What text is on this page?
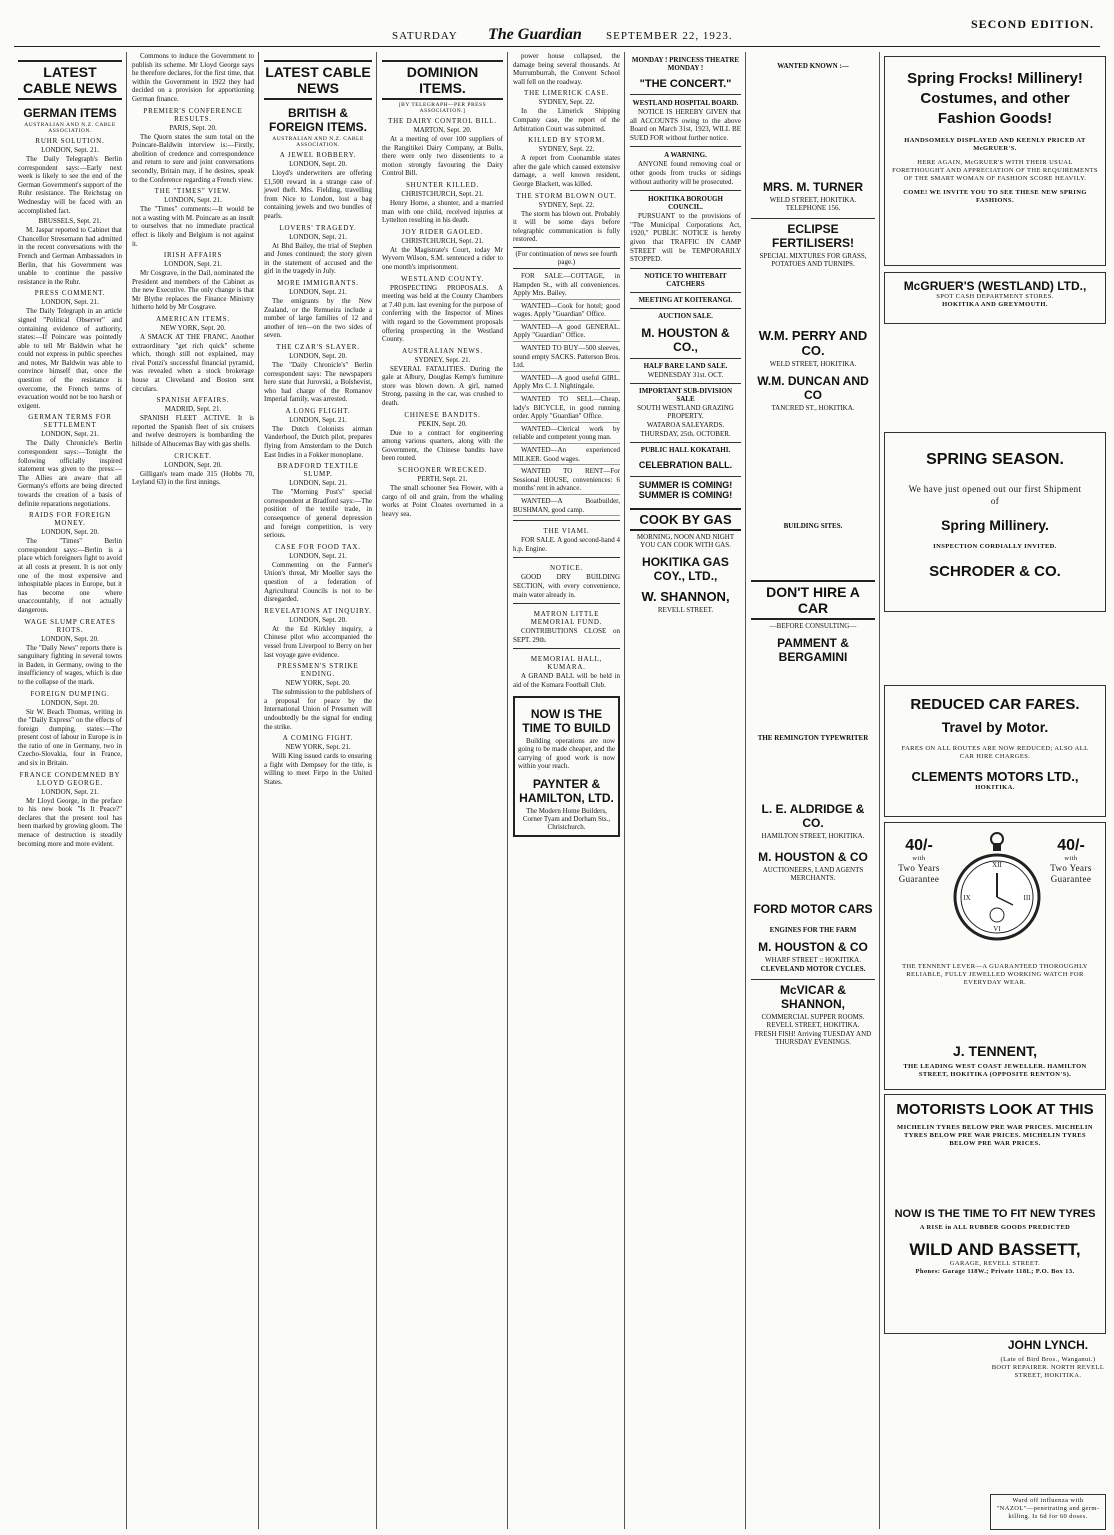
SATURDAY The Guardian SEPTEMBER 22, 1923.
SECOND EDITION.
LATEST CABLE NEWS
GERMAN ITEMS
AUSTRALIAN AND N.Z. CABLE ASSOCIATION.
RUHR SOLUTION.
LONDON, Sept. 21.

The Daily Telegraph's Berlin correspondent says:—Early next week is likely to see the end of the German Government's support of the Ruhr resistance. The Reichstag on Wednesday will be faced with an accomplished fact.

BRUSSELS, Sept. 21.

M. Jaspar reported to Cabinet that Chancellor Stresemann had admitted in the recent conversations with the French and German Ambassadors in Berlin, that his Government was unable to continue the passive resistance in the Ruhr.

PRESS COMMENT.
LONDON, Sept. 21.

The Daily Telegraph in an article signed "Political Observer" and containing evidence of authority, states:—If Poincare was pointedly able to tell Mr Baldwin what he could not express in public speeches and notes, Mr Baldwin was able to convince himself that, once the question of the resistance is overcome, the French terms of evacuation would not be too harsh or exigent.

GERMAN TERMS FOR SETTLEMENT
LONDON, Sept. 21.

The Daily Chronicle's Berlin correspondent says:—Tonight the following officially inspired statement was given to the press:—The Allies are aware that all Germany's efforts are being directed towards the creation of a basis of definite reparations negotiations.

RAIDS FOR FOREIGN MONEY.
LONDON, Sept. 20.

The "Times" Berlin correspondent says:—Berlin is a place which foreigners fight to avoid at all costs at present. It is not only one of the most expensive and inhospitable places in Europe, but it has become one where unaccountably, if not actually dangerous.

WAGE SLUMP CREATES RIOTS.
LONDON, Sept. 20.

The "Daily News" reports there is sanguinary fighting in several towns in Baden, in Germany, owing to the insufficiency of wages, which is due to the collapse of the mark.

FOREIGN DUMPING.
LONDON, Sept. 20.

Sir W. Beach Thomas, writing in the "Daily Express" on the effects of foreign dumping, states:—The present cost of labour in Europe is in the ratio of one in Germany, two in Czecho-Slovakia, four in France, and six in Britain.

FRANCE CONDEMNED BY LLOYD GEORGE.
LONDON, Sept. 21.

Mr Lloyd George, in the preface to his new book "Is It Peace?" declares that the present tool has been marked by growing gloom. The menace of destruction is steadily becoming more and more evident.

Commons to induce the Government to publish its scheme. Mr Lloyd George says he therefore declares, for the first time, that within the Government in 1922 they had decided on a provision for apportioning German finance.

PREMIER'S CONFERENCE RESULTS.
PARIS, Sept. 20.

The Quorn states the sum total on the Poincare-Baldwin interview is:—Firstly, abolition of credence and correspondence and return to sure and joint conversations secondly, Britain may, if he desires, speak to the Conference regarding a French view.

THE "TIMES" VIEW.
LONDON, Sept. 21.

The "Times" comments:—It would be not a wasting with M. Poincare as an insult to ourselves that no immediate practical effect is likely and Belgium is not against it.

IRISH AFFAIRS
LONDON, Sept. 21.

Mr Cosgrave, in the Dail, nominated the President and members of the Cabinet as the new Executive. The only change is that Mr Blythe replaces the Finance Ministry hitherto held by Mr Cosgrave.

AMERICAN ITEMS.
NEW YORK, Sept. 20.

A SMACK AT THE FRANC. Another extraordinary "get rich quick" scheme which, though still not explained, may rival Ponzi's successful financial pyramid, was revealed when a stock brokerage house at Cleveland and Boston sent circulars.

SPANISH AFFAIRS.
MADRID, Sept. 21.

SPANISH FLEET ACTIVE. It is reported the Spanish fleet of six cruisers and twelve destroyers is bombarding the hillside of Alhucemas Bay with gas shells.

CRICKET.
LONDON, Sept. 20.

Gilligan's team made 315 (Hobbs 70, Leyland 63) in the first innings.

LATEST CABLE NEWS
BRITISH & FOREIGN ITEMS.
AUSTRALIAN AND N.Z. CABLE ASSOCIATION.
A JEWEL ROBBERY.
LONDON, Sept. 20.

Lloyd's underwriters are offering £1,500 reward in a strange case of jewel theft. Mrs. Fielding, travelling from Nice to London, lost a bag containing jewels and two bundles of pearls.

LOVERS' TRAGEDY.
LONDON, Sept. 21.

At Bhd Bailey, the trial of Stephen and Jones continued; the story given in the statement of accused and the girl in the tragedy in July.

MORE IMMIGRANTS.
LONDON, Sept. 21.

The emigrants by the New Zealand, or the Remueira include a number of large families of 12 and another of ten—on the two sides of seven.

THE CZAR'S SLAYER.
LONDON, Sept. 20.

The "Daily Chronicle's" Berlin correspondent says: The newspapers here state that Jurovski, a Bolshevist, who had charge of the Romanov Imperial family, was arrested.

A LONG FLIGHT.
LONDON, Sept. 21.

The Dutch Colonists airman Vanderhoof, the Dutch pilot, prepares flying from Amsterdam to the Dutch East Indies in a Fokker monoplane.

BRADFORD TEXTILE SLUMP.
LONDON, Sept. 21.

The "Morning Post's" special correspondent at Bradford says:—The position of the textile trade, in consequence of general depression and foreign competition, is very serious.

CASE FOR FOOD TAX.
LONDON, Sept. 21.

Commenting on the Farmer's Union's threat, Mr Moeller says the question of a federation of Agricultural Councils is not to be disregarded.

REVELATIONS AT INQUIRY.
LONDON, Sept. 20.

At the Ed Kirkley inquiry, a Chinese pilot who accompanied the vessel from Liverpool to Berry on her last voyage gave evidence.

PRESSMEN'S STRIKE ENDING.
NEW YORK, Sept. 20.

The submission to the publishers of a proposal for peace by the International Union of Pressmen will undoubtedly be the signal for ending the strike.

A COMING FIGHT.
NEW YORK, Sept. 21.

Willi King issued cards to ensuring a fight with Dempsey for the title, is willing to meet Firpo in the United States.

DOMINION ITEMS.
[BY TELEGRAPH—PER PRESS ASSOCIATION.]
THE DAIRY CONTROL BILL.
MARTON, Sept. 20.

At a meeting of over 100 suppliers of the Rangitikei Dairy Company, at Bulls, there were only two dissentients to a motion strongly favouring the Dairy Control Bill.

SHUNTER KILLED.
CHRISTCHURCH, Sept. 21.

Henry Horne, a shunter, and a married man with one child, received injuries at Lyttelton resulting in his death.

JOY RIDER GAOLED.
CHRISTCHURCH, Sept. 21.

At the Magistrate's Court, today Mr Wyvern Wilson, S.M. sentenced a rider to one month's imprisonment.

WESTLAND COUNTY.

PROSPECTING PROPOSALS. A meeting was held at the County Chambers at 7.40 p.m. last evening for the purpose of conferring with the Inspector of Mines with regard to the Government proposals offering prospecting in the Westland County.

AUSTRALIAN NEWS.
SYDNEY, Sept. 21.

SEVERAL FATALITIES. During the gale at Albury, Douglas Kemp's furniture store was blown down. A girl, named Strong, passing in the car, was crushed to death.

CHINESE BANDITS.
PEKIN, Sept. 20.

Due to a contract for engineering among various quarters, along with the Government, the Chinese bandits have been routed.

SCHOONER WRECKED.
PERTH, Sept. 21.

The small schooner Sea Flower, with a cargo of oil and grain, from the whaling works at Point Cloates overturned in a heavy sea.

power house collapsed, the damage being several thousands. At Murrumburrah, the Convent School wall fell on the roadway.

THE LIMERICK CASE.
SYDNEY, Sept. 22.

In the Limerick Shipping Company case, the report of the Arbitration Court was submitted.

KILLED BY STORM.
SYDNEY, Sept. 22.

A report from Coonamble states after the gale which caused extensive damage, a well known resident, George Blackett, was killed.

THE STORM BLOWN OUT.
SYDNEY, Sept. 22.

The storm has blown out. Probably it will be some days before telegraphic communication is fully restored.

(For continuation of news see fourth page.)

FOR SALE.—COTTAGE, in Hampden St., with all conveniences. Apply Mrs. Bailey.

WANTED—Cook for hotel; good wages. Apply "Guardian" Office.

WANTED—A good GENERAL. Apply "Guardian" Office.

WANTED TO BUY—500 sleeves, sound empty SACKS. Patterson Bros. Ltd.

WANTED—A good useful GIRL. Apply Mrs C. J. Nightingale.

WANTED TO SELL—Cheap, lady's BICYCLE, in good running order. Apply "Guardian" Office.

WANTED—Clerical work by reliable and competent young man.

WANTED—An experienced MILKER. Good wages.

WANTED TO RENT—For Sessional HOUSE, conveniences: 6 months' rent in advance.

WANTED—A Boatbuilder, BUSHMAN, good camp.

THE VIAMI.

FOR SALE. A good second-hand 4 h.p. Engine.

NOTICE.

GOOD DRY BUILDING SECTION, with every convenience, main water already in.

MATRON LITTLE MEMORIAL FUND.

CONTRIBUTIONS CLOSE on SEPT. 29th.

MEMORIAL HALL, KUMARA.

A GRAND BALL will be held in aid of the Kumara Football Club.

NOW IS THE TIME TO BUILD

Building operations are now going to be made cheaper, and the carrying of good work is now within your reach.

PAYNTER & HAMILTON, LTD.
The Modern Home Builders, Corner Tyam and Dorham Sts., Christchurch.
MONDAY ! PRINCESS THEATRE MONDAY !
"THE CONCERT."
WESTLAND HOSPITAL BOARD.

NOTICE IS HEREBY GIVEN that all ACCOUNTS owing to the above Board on March 31st, 1923, WILL BE SUED FOR without further notice.

A WARNING.

ANYONE found removing coal or other goods from trucks or sidings without authority will be prosecuted.

HOKITIKA BOROUGH COUNCIL.

PURSUANT to the provisions of "The Municipal Corporations Act, 1920," PUBLIC NOTICE is hereby given that TRAFFIC IN CAMP STREET will be TEMPORARILY STOPPED.

NOTICE TO WHITEBAIT CATCHERS
MEETING AT KOITERANGI.
AUCTION SALE.
M. HOUSTON & CO.,
HALF BARE LAND SALE.
WEDNESDAY 31st. OCT.
IMPORTANT SUB-DIVISION SALE
SOUTH WESTLAND GRAZING PROPERTY.
WATAROA SALEYARDS.
THURSDAY, 25th. OCTOBER.
PUBLIC HALL KOKATAHI.
CELEBRATION BALL.
SUMMER IS COMING! SUMMER IS COMING!
COOK BY GAS
MORNING, NOON AND NIGHT YOU CAN COOK WITH GAS.
HOKITIKA GAS COY., LTD.,
W. SHANNON,
REVELL STREET.
WANTED KNOWN :—
MRS. M. TURNER
WELD STREET, HOKITIKA. TELEPHONE 156.
ECLIPSE FERTILISERS!
SPECIAL MIXTURES FOR GRASS, POTATOES AND TURNIPS.
W.M. PERRY AND CO.
WELD STREET, HOKITIKA.
W.M. DUNCAN AND CO
TANCRED ST., HOKITIKA.
BUILDING SITES.
DON'T HIRE A CAR
—BEFORE CONSULTING—
PAMMENT & BERGAMINI
THE REMINGTON TYPEWRITER
L. E. ALDRIDGE & CO.
HAMILTON STREET, HOKITIKA.
M. HOUSTON & CO
AUCTIONEERS, LAND AGENTS MERCHANTS.
FORD MOTOR CARS
ENGINES FOR THE FARM
M. HOUSTON & CO
WHARF STREET :: HOKITIKA.
CLEVELAND MOTOR CYCLES.
McVICAR & SHANNON,
COMMERCIAL SUPPER ROOMS. REVELL STREET, HOKITIKA.
FRESH FISH! Arriving TUESDAY AND THURSDAY EVENINGS.
Spring Frocks! Millinery! Costumes, and other Fashion Goods!
HANDSOMELY DISPLAYED AND KEENLY PRICED AT McGRUER'S.
HERE AGAIN, McGRUER'S WITH THEIR USUAL FORETHOUGHT AND APPRECIATION OF THE REQUIREMENTS OF THE SMART WOMAN OF FASHION SCORE HEAVILY.
COME! WE INVITE YOU TO SEE THESE NEW SPRING FASHIONS.
McGRUER'S (WESTLAND) LTD.,
SPOT CASH DEPARTMENT STORES.
HOKITIKA AND GREYMOUTH.
SPRING SEASON.
We have just opened out our first Shipment of
Spring Millinery.
INSPECTION CORDIALLY INVITED.
SCHRODER & CO.
REDUCED CAR FARES.
Travel by Motor.
FARES ON ALL ROUTES ARE NOW REDUCED; ALSO ALL CAR HIRE CHARGES.
CLEMENTS MOTORS LTD.,
HOKITIKA.
40/-
with
Two Years Guarantee
40/-
with
Two Years Guarantee
XII
III
VI
IX
THE TENNENT LEVER—A GUARANTEED THOROUGHLY RELIABLE, FULLY JEWELLED WORKING WATCH FOR EVERYDAY WEAR.
J. TENNENT,
THE LEADING WEST COAST JEWELLER. HAMILTON STREET, HOKITIKA (OPPOSITE RENTON'S).
MOTORISTS LOOK AT THIS
MICHELIN TYRES BELOW PRE WAR PRICES. MICHELIN TYRES BELOW PRE WAR PRICES. MICHELIN TYRES BELOW PRE WAR PRICES.
NOW IS THE TIME TO FIT NEW TYRES
A RISE in ALL RUBBER GOODS PREDICTED
WILD AND BASSETT,
GARAGE, REVELL STREET.
Phones: Garage 118W.; Private 118L; P.O. Box 13.
JOHN LYNCH.
(Late of Bird Bros., Wanganui.) BOOT REPAIRER. NORTH REVELL STREET, HOKITIKA.
Ward off influenza with "NAZOL"—penetrating and germ-killing. Is 6d for 60 doses.
